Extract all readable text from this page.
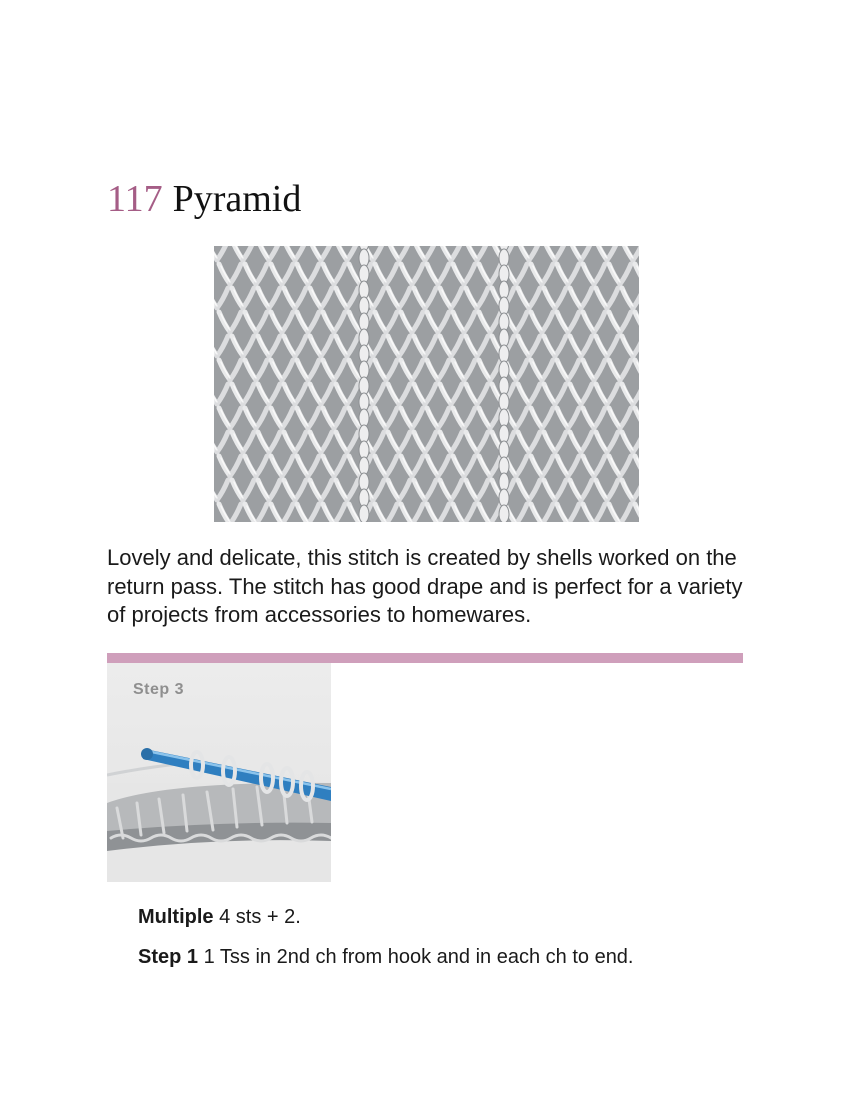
117 Pyramid

Lovely and delicate, this stitch is created by shells worked on the return pass. The stitch has good drape and is perfect for a variety of projects from accessories to homewares.

Step 3

Multiple 4 sts + 2.

Step 1 1 Tss in 2nd ch from hook and in each ch to end.
